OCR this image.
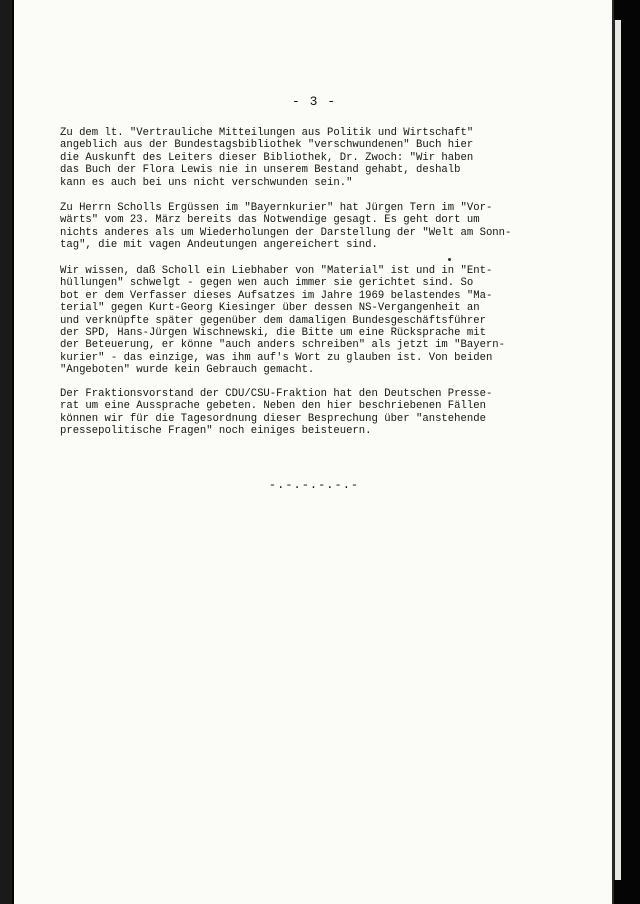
- 3 -

Zu dem lt. "Vertrauliche Mitteilungen aus Politik und Wirtschaft"
angeblich aus der Bundestagsbibliothek "verschwundenen" Buch hier
die Auskunft des Leiters dieser Bibliothek, Dr. Zwoch: "Wir haben
das Buch der Flora Lewis nie in unserem Bestand gehabt, deshalb
kann es auch bei uns nicht verschwunden sein."

Zu Herrn Scholls Ergüssen im "Bayernkurier" hat Jürgen Tern im "Vor-
wärts" vom 23. März bereits das Notwendige gesagt. Es geht dort um
nichts anderes als um Wiederholungen der Darstellung der "Welt am Sonn-
tag", die mit vagen Andeutungen angereichert sind.

Wir wissen, daß Scholl ein Liebhaber von "Material" ist und in "Ent-
hüllungen" schwelgt - gegen wen auch immer sie gerichtet sind. So
bot er dem Verfasser dieses Aufsatzes im Jahre 1969 belastendes "Ma-
terial" gegen Kurt-Georg Kiesinger über dessen NS-Vergangenheit an
und verknüpfte später gegenüber dem damaligen Bundesgeschäftsführer
der SPD, Hans-Jürgen Wischnewski, die Bitte um eine Rücksprache mit
der Beteuerung, er könne "auch anders schreiben" als jetzt im "Bayern-
kurier" - das einzige, was ihm auf's Wort zu glauben ist. Von beiden
"Angeboten" wurde kein Gebrauch gemacht.

Der Fraktionsvorstand der CDU/CSU-Fraktion hat den Deutschen Presse-
rat um eine Aussprache gebeten. Neben den hier beschriebenen Fällen
können wir für die Tagesordnung dieser Besprechung über "anstehende
pressepolitische Fragen" noch einiges beisteuern.

-.-.-.-.-.-
